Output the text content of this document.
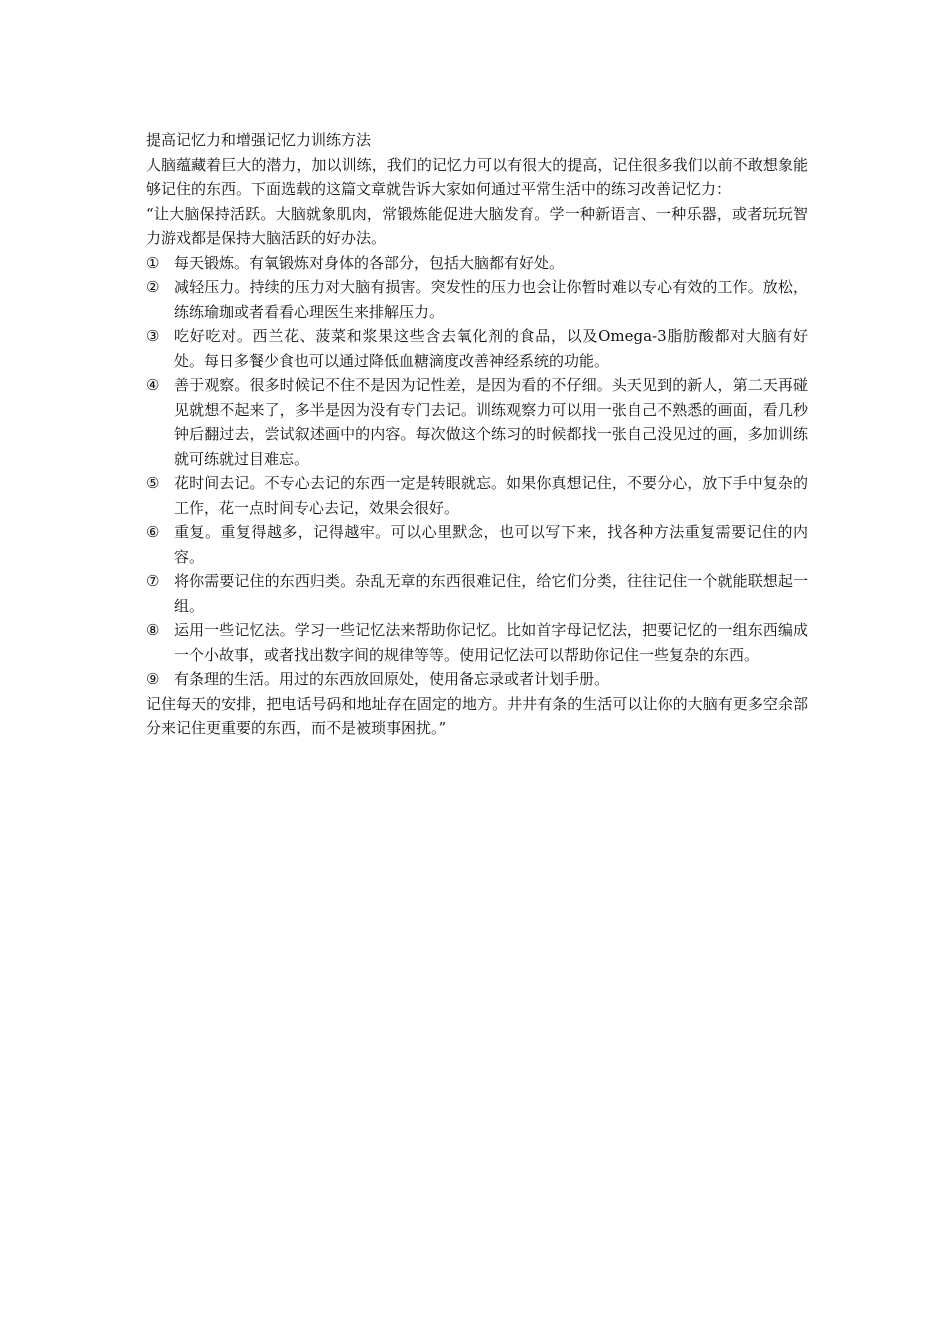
提高记忆力和增强记忆力训练方法

人脑蕴藏着巨大的潜力，加以训练，我们的记忆力可以有很大的提高，记住很多我们以前不敢想象能够记住的东西。下面选载的这篇文章就告诉大家如何通过平常生活中的练习改善记忆力：

“让大脑保持活跃。大脑就象肌肉，常锻炼能促进大脑发育。学一种新语言、一种乐器，或者玩玩智力游戏都是保持大脑活跃的好办法。

① 每天锻炼。有氧锻炼对身体的各部分，包括大脑都有好处。
② 减轻压力。持续的压力对大脑有损害。突发性的压力也会让你暂时难以专心有效的工作。放松，练练瑜珈或者看看心理医生来排解压力。
③ 吃好吃对。西兰花、菠菜和浆果这些含去氧化剂的食品，以及Omega-3脂肪酸都对大脑有好处。每日多餐少食也可以通过降低血糖滴度改善神经系统的功能。
④ 善于观察。很多时候记不住不是因为记性差，是因为看的不仔细。头天见到的新人，第二天再碰见就想不起来了，多半是因为没有专门去记。训练观察力可以用一张自己不熟悉的画面，看几秒钟后翻过去，尝试叙述画中的内容。每次做这个练习的时候都找一张自己没见过的画，多加训练就可练就过目难忘。
⑤ 花时间去记。不专心去记的东西一定是转眼就忘。如果你真想记住，不要分心，放下手中复杂的工作，花一点时间专心去记，效果会很好。
⑥ 重复。重复得越多，记得越牢。可以心里默念，也可以写下来，找各种方法重复需要记住的内容。
⑦ 将你需要记住的东西归类。杂乱无章的东西很难记住，给它们分类，往往记住一个就能联想起一组。
⑧ 运用一些记忆法。学习一些记忆法来帮助你记忆。比如首字母记忆法，把要记忆的一组东西编成一个小故事，或者找出数字间的规律等等。使用记忆法可以帮助你记住一些复杂的东西。
⑨ 有条理的生活。用过的东西放回原处，使用备忘录或者计划手册。

记住每天的安排，把电话号码和地址存在固定的地方。井井有条的生活可以让你的大脑有更多空余部分来记住更重要的东西，而不是被琐事困扰。”
